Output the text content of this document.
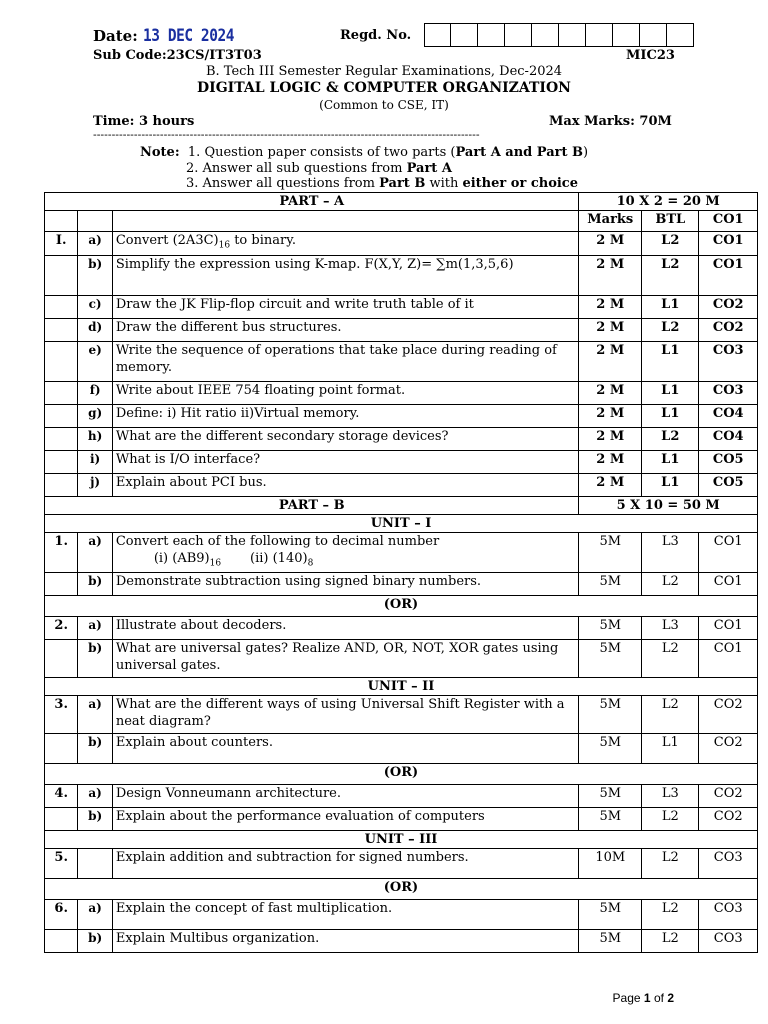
Date: 13 DEC 2024	Regd. No.
Sub Code:23CS/IT3T03	MIC23
B. Tech III Semester Regular Examinations, Dec-2024
DIGITAL LOGIC & COMPUTER ORGANIZATION
(Common to CSE, IT)
Time: 3 hours	Max Marks: 70M
--------------------------------------------------------------------------------------------------------
Note: 1. Question paper consists of two parts (Part A and Part B)
2. Answer all sub questions from Part A
3. Answer all questions from Part B with either or choice
PART – A			10 X 2 = 20 M		
			Marks	BTL	CO1
I.	a)	Convert $(2A3C)_{16}$ to binary.	2 M	L2	CO1
	b)	Simplify the expression using K-map. F(X,Y, Z)= ∑m(1,3,5,6)	2 M	L2	CO1
	c)	Draw the JK Flip-flop circuit and write truth table of it	2 M	L1	CO2
	d)	Draw the different bus structures.	2 M	L2	CO2
	e)	Write the sequence of operations that take place during reading of memory.	2 M	L1	CO3
	f)	Write about IEEE 754 floating point format.	2 M	L1	CO3
	g)	Define: i) Hit ratio ii)Virtual memory.	2 M	L1	CO4
	h)	What are the different secondary storage devices?	2 M	L2	CO4
	i)	What is I/O interface?	2 M	L1	CO5
	j)	Explain about PCI bus.	2 M	L1	CO5
PART – B			5 X 10 = 50 M		
UNIT – I					
1.	a)	Convert each of the following to decimal number
(i) $(AB9)_{16}$ (ii) $(140)_8$	5M	L3	CO1
	b)	Demonstrate subtraction using signed binary numbers.	5M	L2	CO1
(OR)					
2.	a)	Illustrate about decoders.	5M	L3	CO1
	b)	What are universal gates? Realize AND, OR, NOT, XOR gates using universal gates.	5M	L2	CO1
UNIT – II					
3.	a)	What are the different ways of using Universal Shift Register with a neat diagram?	5M	L2	CO2
	b)	Explain about counters.	5M	L1	CO2
(OR)					
4.	a)	Design Vonneumann architecture.	5M	L3	CO2
	b)	Explain about the performance evaluation of computers	5M	L2	CO2
UNIT – III					
5.		Explain addition and subtraction for signed numbers.	10M	L2	CO3
(OR)					
6.	a)	Explain the concept of fast multiplication.	5M	L2	CO3
	b)	Explain Multibus organization.	5M	L2	CO3
Page 1 of 2
